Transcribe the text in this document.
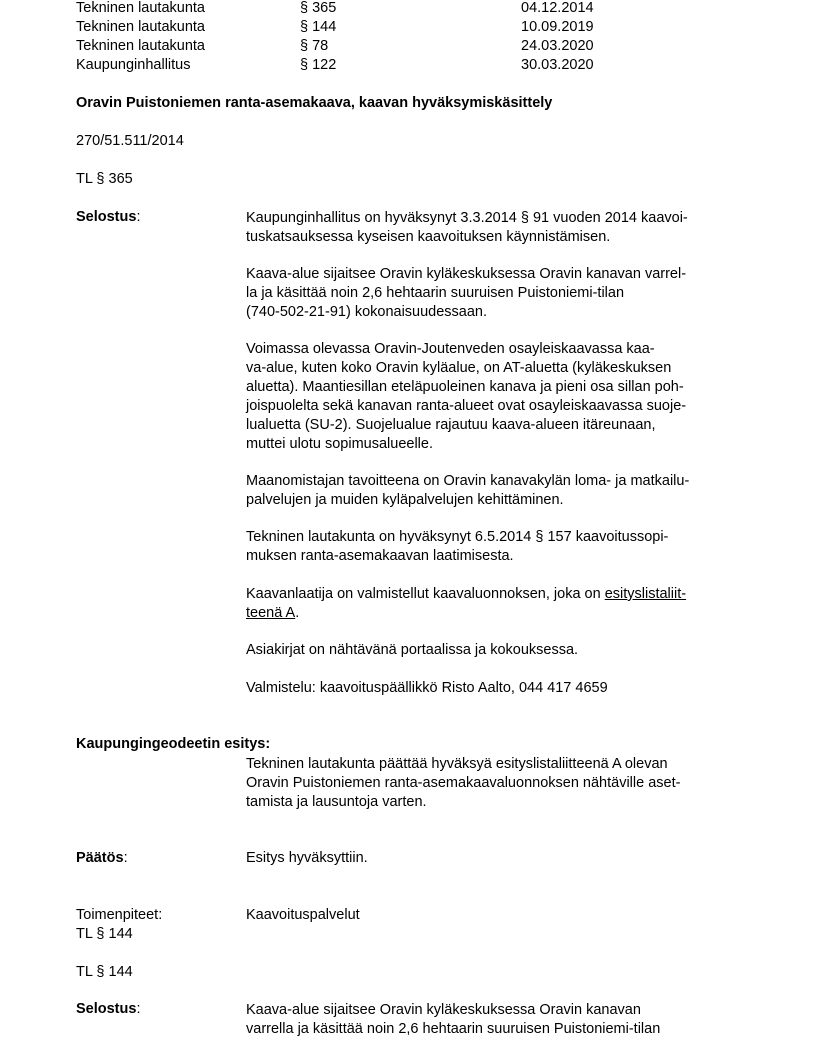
Tekninen lautakunta	§ 365	04.12.2014
Tekninen lautakunta	§ 144	10.09.2019
Tekninen lautakunta	§ 78	24.03.2020
Kaupunginhallitus	§ 122	30.03.2020
Oravin Puistoniemen ranta-asemakaava, kaavan hyväksymiskäsittely
270/51.511/2014
TL § 365
Selostus:	Kaupunginhallitus on hyväksynyt 3.3.2014 § 91 vuoden 2014 kaavoi-
tuskatsauksessa kyseisen kaavoituksen käynnistämisen.
Kaava-alue sijaitsee Oravin kyläkeskuksessa Oravin kanavan varrel-
la ja käsittää noin 2,6 hehtaarin suuruisen Puistoniemi-tilan
(740-502-21-91) kokonaisuudessaan.
Voimassa olevassa Oravin-Joutenveden osayleiskaavassa kaa-
va-alue, kuten koko Oravin kyläalue, on AT-aluetta (kyläkeskuksen
aluetta). Maantiesillan eteläpuoleinen kanava ja pieni osa sillan poh-
joispuolelta sekä kanavan ranta-alueet ovat osayleiskaavassa suoje-
lualuetta (SU-2). Suojelualue rajautuu kaava-alueen itäreunaan,
muttei ulotu sopimusalueelle.
Maanomistajan tavoitteena on Oravin kanavakylän loma- ja matkailu-
palvelujen ja muiden kyläpalvelujen kehittäminen.
Tekninen lautakunta on hyväksynyt 6.5.2014 § 157 kaavoitussopi-
muksen ranta-asemakaavan laatimisesta.
Kaavanlaatija on valmistellut kaavaluonnoksen, joka on esityslistaliit-
teenä A.
Asiakirjat on nähtävänä portaalissa ja kokouksessa.
Valmistelu: kaavoituspäällikkö Risto Aalto, 044 417 4659
Kaupungingeodeetin esitys:
Tekninen lautakunta päättää hyväksyä esityslistaliitteenä A olevan
Oravin Puistoniemen ranta-asemakaavaluonnoksen nähtäville aset-
tamista ja lausuntoja varten.
Päätös:	Esitys hyväksyttiin.
Toimenpiteet:	Kaavoituspalvelut
TL § 144
TL § 144
Selostus:	Kaava-alue sijaitsee Oravin kyläkeskuksessa Oravin kanavan
varrella ja käsittää noin 2,6 hehtaarin suuruisen Puistoniemi-tilan
